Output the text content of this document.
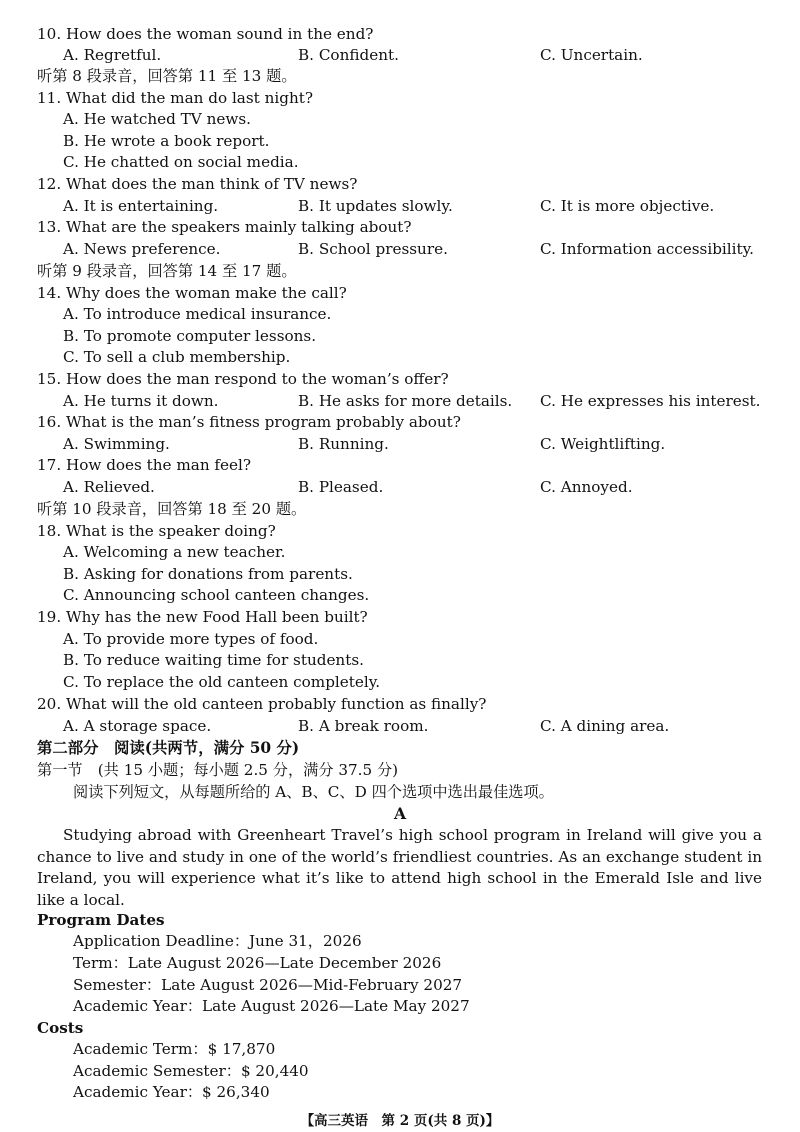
10. How does the woman sound in the end?
A. Regretful.	B. Confident.	C. Uncertain.
听第 8 段录音，回答第 11 至 13 题。
11. What did the man do last night?
A. He watched TV news.
B. He wrote a book report.
C. He chatted on social media.
12. What does the man think of TV news?
A. It is entertaining.	B. It updates slowly.	C. It is more objective.
13. What are the speakers mainly talking about?
A. News preference.	B. School pressure.	C. Information accessibility.
听第 9 段录音，回答第 14 至 17 题。
14. Why does the woman make the call?
A. To introduce medical insurance.
B. To promote computer lessons.
C. To sell a club membership.
15. How does the man respond to the woman’s offer?
A. He turns it down.	B. He asks for more details. C. He expresses his interest.
16. What is the man’s fitness program probably about?
A. Swimming.	B. Running.	C. Weightlifting.
17. How does the man feel?
A. Relieved.	B. Pleased.	C. Annoyed.
听第 10 段录音，回答第 18 至 20 题。
18. What is the speaker doing?
A. Welcoming a new teacher.
B. Asking for donations from parents.
C. Announcing school canteen changes.
19. Why has the new Food Hall been built?
A. To provide more types of food.
B. To reduce waiting time for students.
C. To replace the old canteen completely.
20. What will the old canteen probably function as finally?
A. A storage space.	B. A break room.	C. A dining area.
第二部分　阅读(共两节，满分 50 分)
第一节　(共 15 小题；每小题 2.5 分，满分 37.5 分)
阅读下列短文，从每题所给的 A、B、C、D 四个选项中选出最佳选项。
A
Studying abroad with Greenheart Travel’s high school program in Ireland will give you a chance to live and study in one of the world’s friendliest countries. As an exchange student in Ireland, you will experience what it’s like to attend high school in the Emerald Isle and live like a local.
Program Dates
Application Deadline：June 31，2026
Term：Late August 2026—Late December 2026
Semester：Late August 2026—Mid-February 2027
Academic Year：Late August 2026—Late May 2027
Costs
Academic Term：$ 17,870
Academic Semester：$ 20,440
Academic Year：$ 26,340
【高三英语　第 2 页(共 8 页)】
